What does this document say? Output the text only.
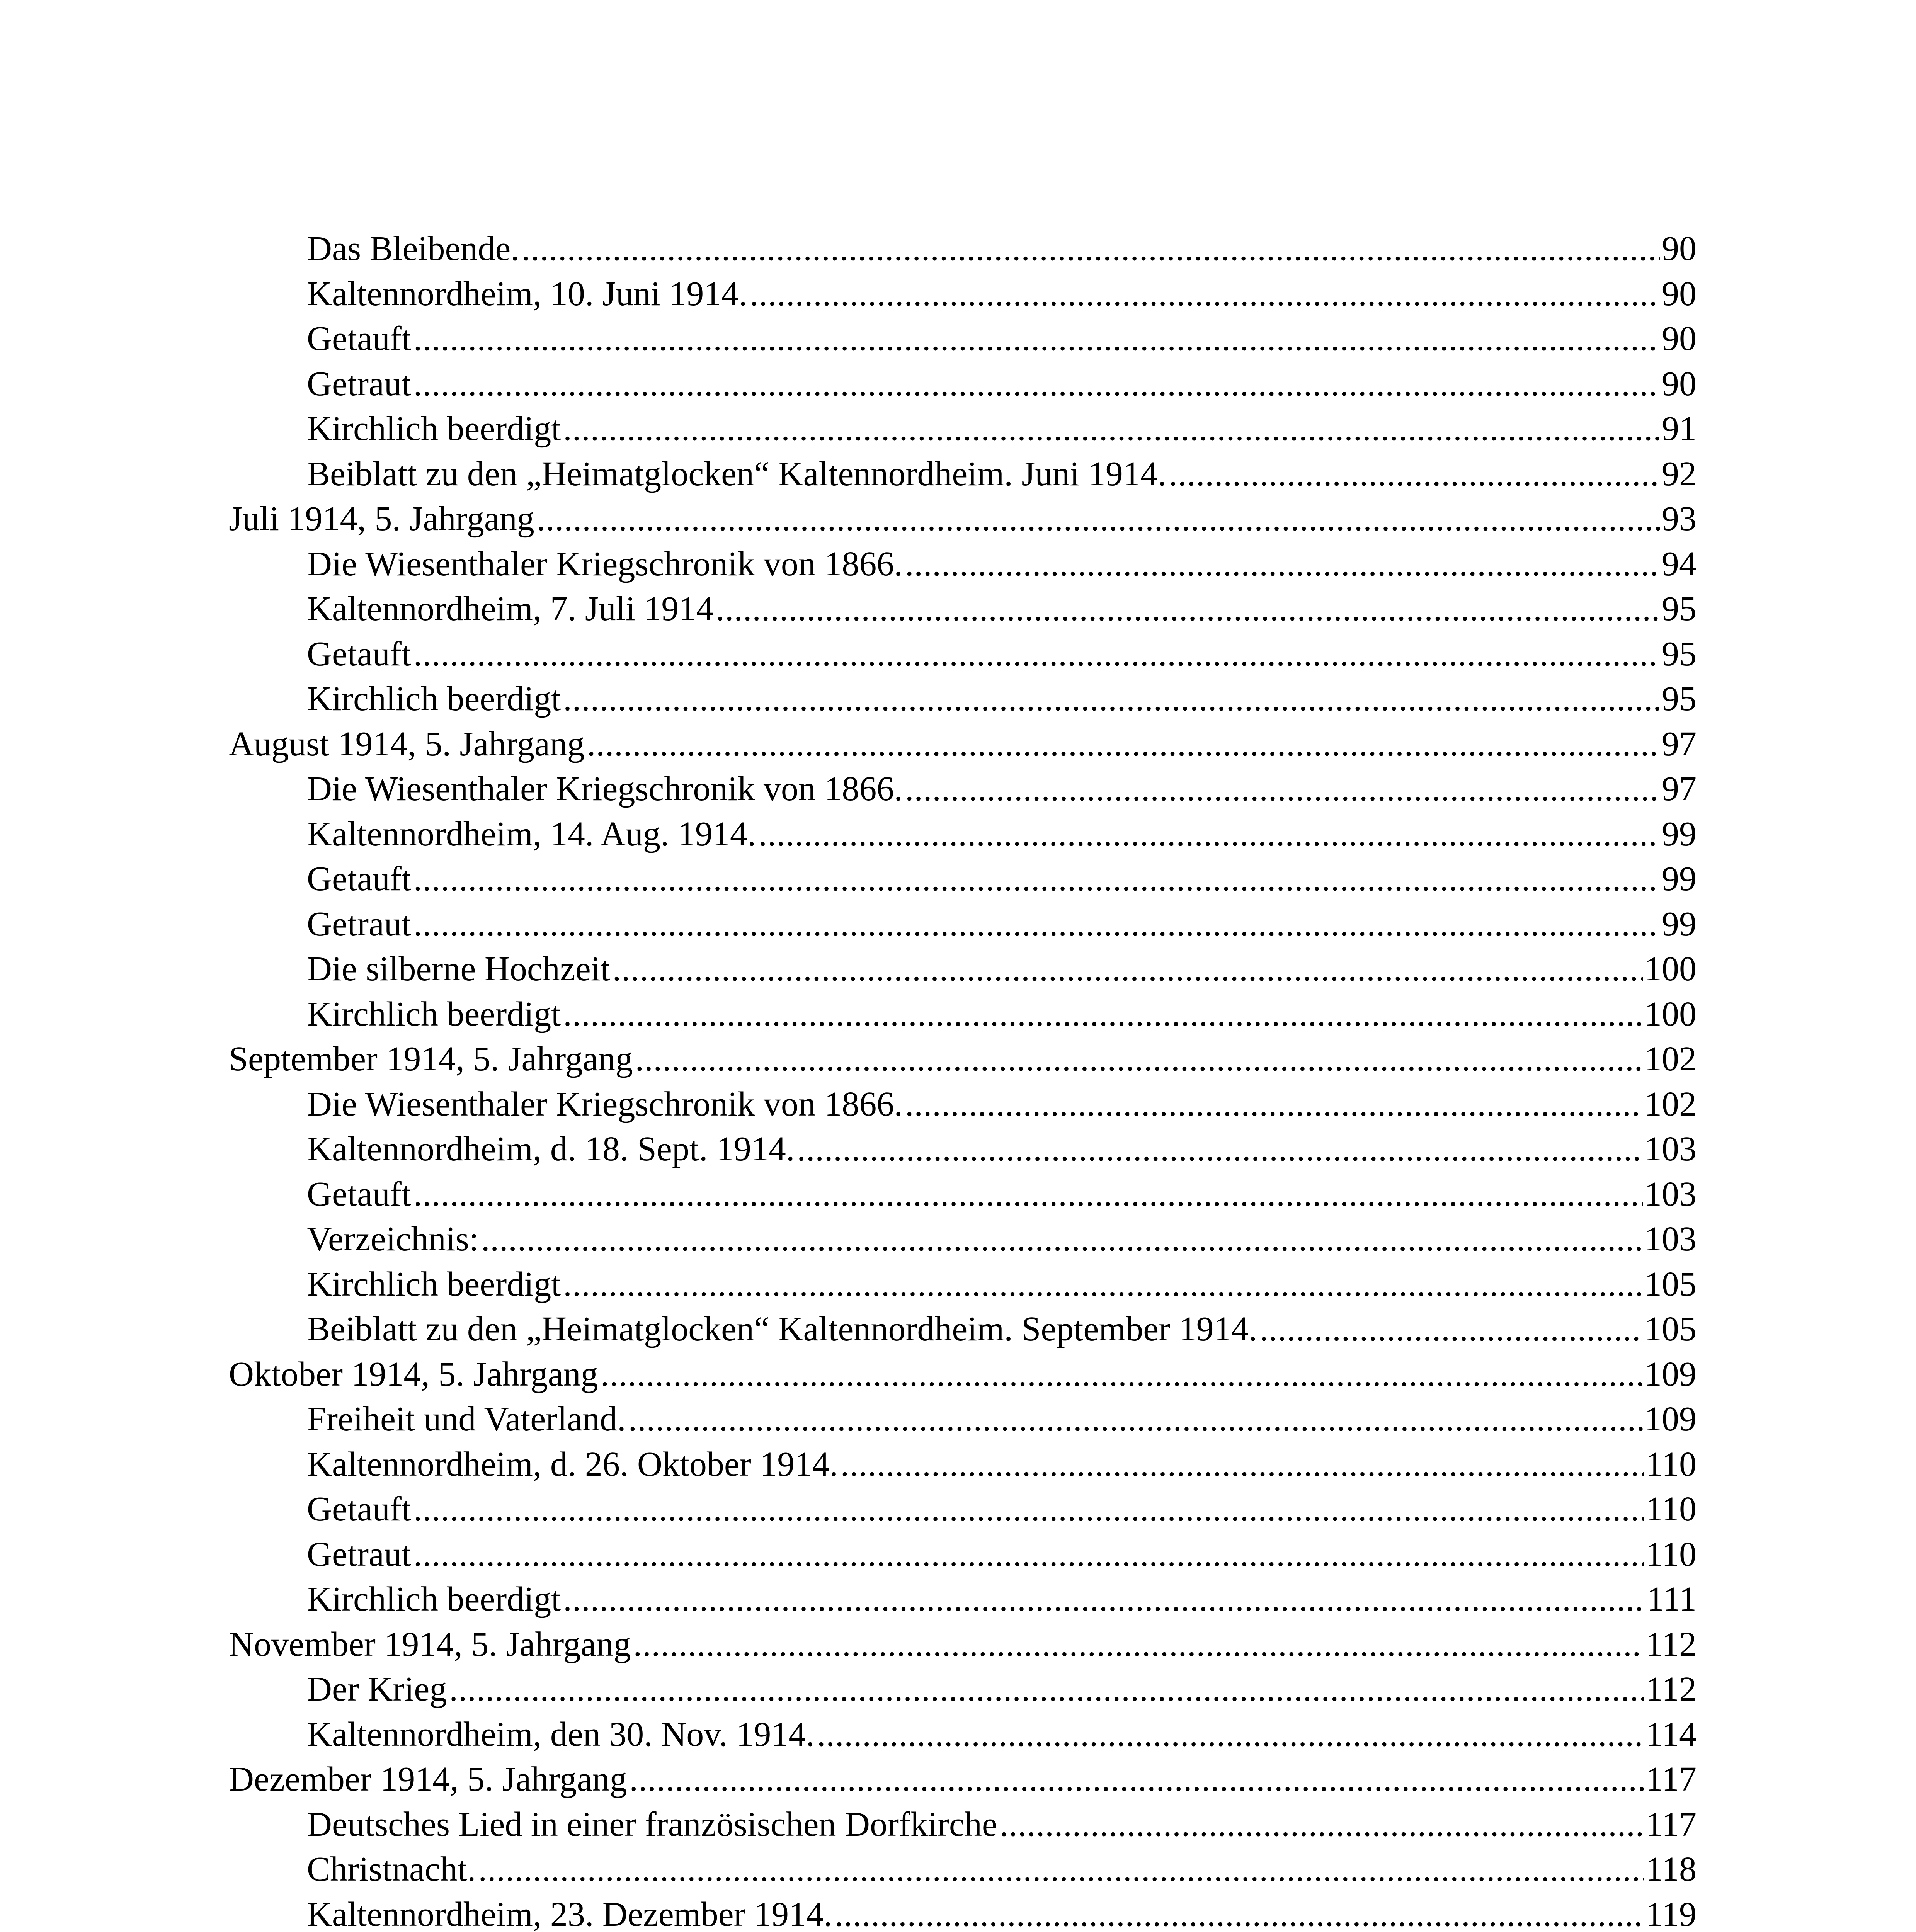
Das Bleibende. .....	90
Kaltennordheim, 10. Juni 1914. .....	90
Getauft .....	90
Getraut .....	90
Kirchlich beerdigt .....	91
Beiblatt zu den „Heimatglocken“ Kaltennordheim. Juni 1914. .....	92
Juli 1914, 5. Jahrgang .....	93
Die Wiesenthaler Kriegschronik von 1866. .....	94
Kaltennordheim, 7. Juli 1914 .....	95
Getauft .....	95
Kirchlich beerdigt .....	95
August 1914, 5. Jahrgang .....	97
Die Wiesenthaler Kriegschronik von 1866. .....	97
Kaltennordheim, 14. Aug. 1914. .....	99
Getauft .....	99
Getraut .....	99
Die silberne Hochzeit .....	100
Kirchlich beerdigt .....	100
September 1914, 5. Jahrgang .....	102
Die Wiesenthaler Kriegschronik von 1866. .....	102
Kaltennordheim, d. 18. Sept. 1914. .....	103
Getauft .....	103
Verzeichnis: .....	103
Kirchlich beerdigt .....	105
Beiblatt zu den „Heimatglocken“ Kaltennordheim. September 1914. .....	105
Oktober 1914, 5. Jahrgang .....	109
Freiheit und Vaterland. .....	109
Kaltennordheim, d. 26. Oktober 1914. .....	110
Getauft .....	110
Getraut .....	110
Kirchlich beerdigt .....	111
November 1914, 5. Jahrgang .....	112
Der Krieg .....	112
Kaltennordheim, den 30. Nov. 1914. .....	114
Dezember 1914, 5. Jahrgang .....	117
Deutsches Lied in einer französischen Dorfkirche .....	117
Christnacht. .....	118
Kaltennordheim, 23. Dezember 1914. .....	119
